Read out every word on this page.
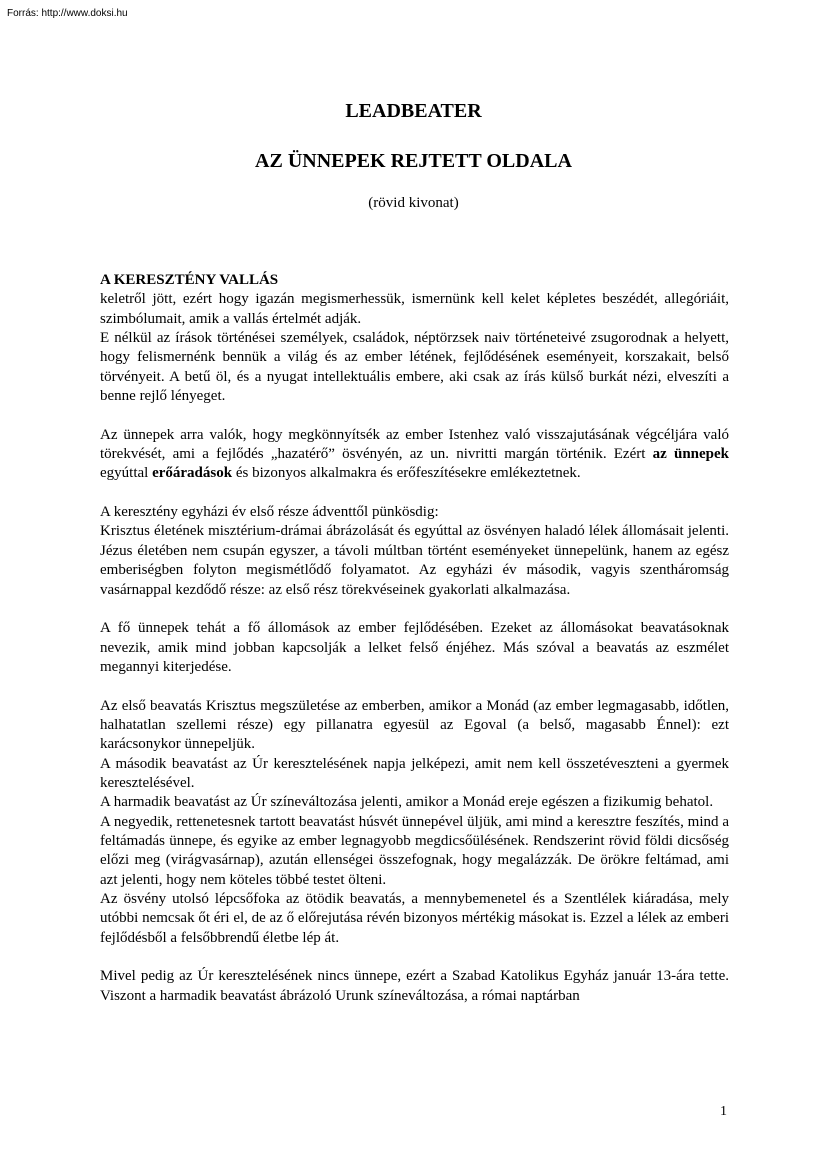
Forrás: http://www.doksi.hu
LEADBEATER
AZ ÜNNEPEK REJTETT OLDALA
(rövid kivonat)

A KERESZTÉNY VALLÁS

keletről jött, ezért hogy igazán megismerhessük, ismernünk kell kelet képletes beszédét, allegóriáit, szimbólumait, amik a vallás értelmét adják.

E nélkül az írások történései személyek, családok, néptörzsek naiv történeteivé zsugorodnak a helyett, hogy felismernénk bennük a világ és az ember létének, fejlődésének eseményeit, korszakait, belső törvényeit. A betű öl, és a nyugat intellektuális embere, aki csak az írás külső burkát nézi, elveszíti a benne rejlő lényeget.

Az ünnepek arra valók, hogy megkönnyítsék az ember Istenhez való visszajutásának végcéljára való törekvését, ami a fejlődés „hazatérő” ösvényén, az un. nivritti margán történik. Ezért az ünnepek egyúttal erőáradások és bizonyos alkalmakra és erőfeszítésekre emlékeztetnek.

A keresztény egyházi év első része ádventtől pünkösdig:

Krisztus életének misztérium-drámai ábrázolását és egyúttal az ösvényen haladó lélek állomásait jelenti. Jézus életében nem csupán egyszer, a távoli múltban történt eseményeket ünnepelünk, hanem az egész emberiségben folyton megismétlődő folyamatot. Az egyházi év második, vagyis szentháromság vasárnappal kezdődő része: az első rész törekvéseinek gyakorlati alkalmazása.

A fő ünnepek tehát a fő állomások az ember fejlődésében. Ezeket az állomásokat beavatásoknak nevezik, amik mind jobban kapcsolják a lelket felső énjéhez. Más szóval a beavatás az eszmélet megannyi kiterjedése.

Az első beavatás Krisztus megszületése az emberben, amikor a Monád (az ember legmagasabb, időtlen, halhatatlan szellemi része) egy pillanatra egyesül az Egoval (a belső, magasabb Énnel): ezt karácsonykor ünnepeljük.

A második beavatást az Úr keresztelésének napja jelképezi, amit nem kell összetéveszteni a gyermek keresztelésével.

A harmadik beavatást az Úr színeváltozása jelenti, amikor a Monád ereje egészen a fizikumig behatol.

A negyedik, rettenetesnek tartott beavatást húsvét ünnepével üljük, ami mind a keresztre feszítés, mind a feltámadás ünnepe, és egyike az ember legnagyobb megdicsőülésének. Rendszerint rövid földi dicsőség előzi meg (virágvasárnap), azután ellenségei összefognak, hogy megalázzák. De örökre feltámad, ami azt jelenti, hogy nem köteles többé testet ölteni.

Az ösvény utolsó lépcsőfoka az ötödik beavatás, a mennybemenetel és a Szentlélek kiáradása, mely utóbbi nemcsak őt éri el, de az ő előrejutása révén bizonyos mértékig másokat is. Ezzel a lélek az emberi fejlődésből a felsőbbrendű életbe lép át.

Mivel pedig az Úr keresztelésének nincs ünnepe, ezért a Szabad Katolikus Egyház január 13-ára tette. Viszont a harmadik beavatást ábrázoló Urunk színeváltozása, a római naptárban

1
